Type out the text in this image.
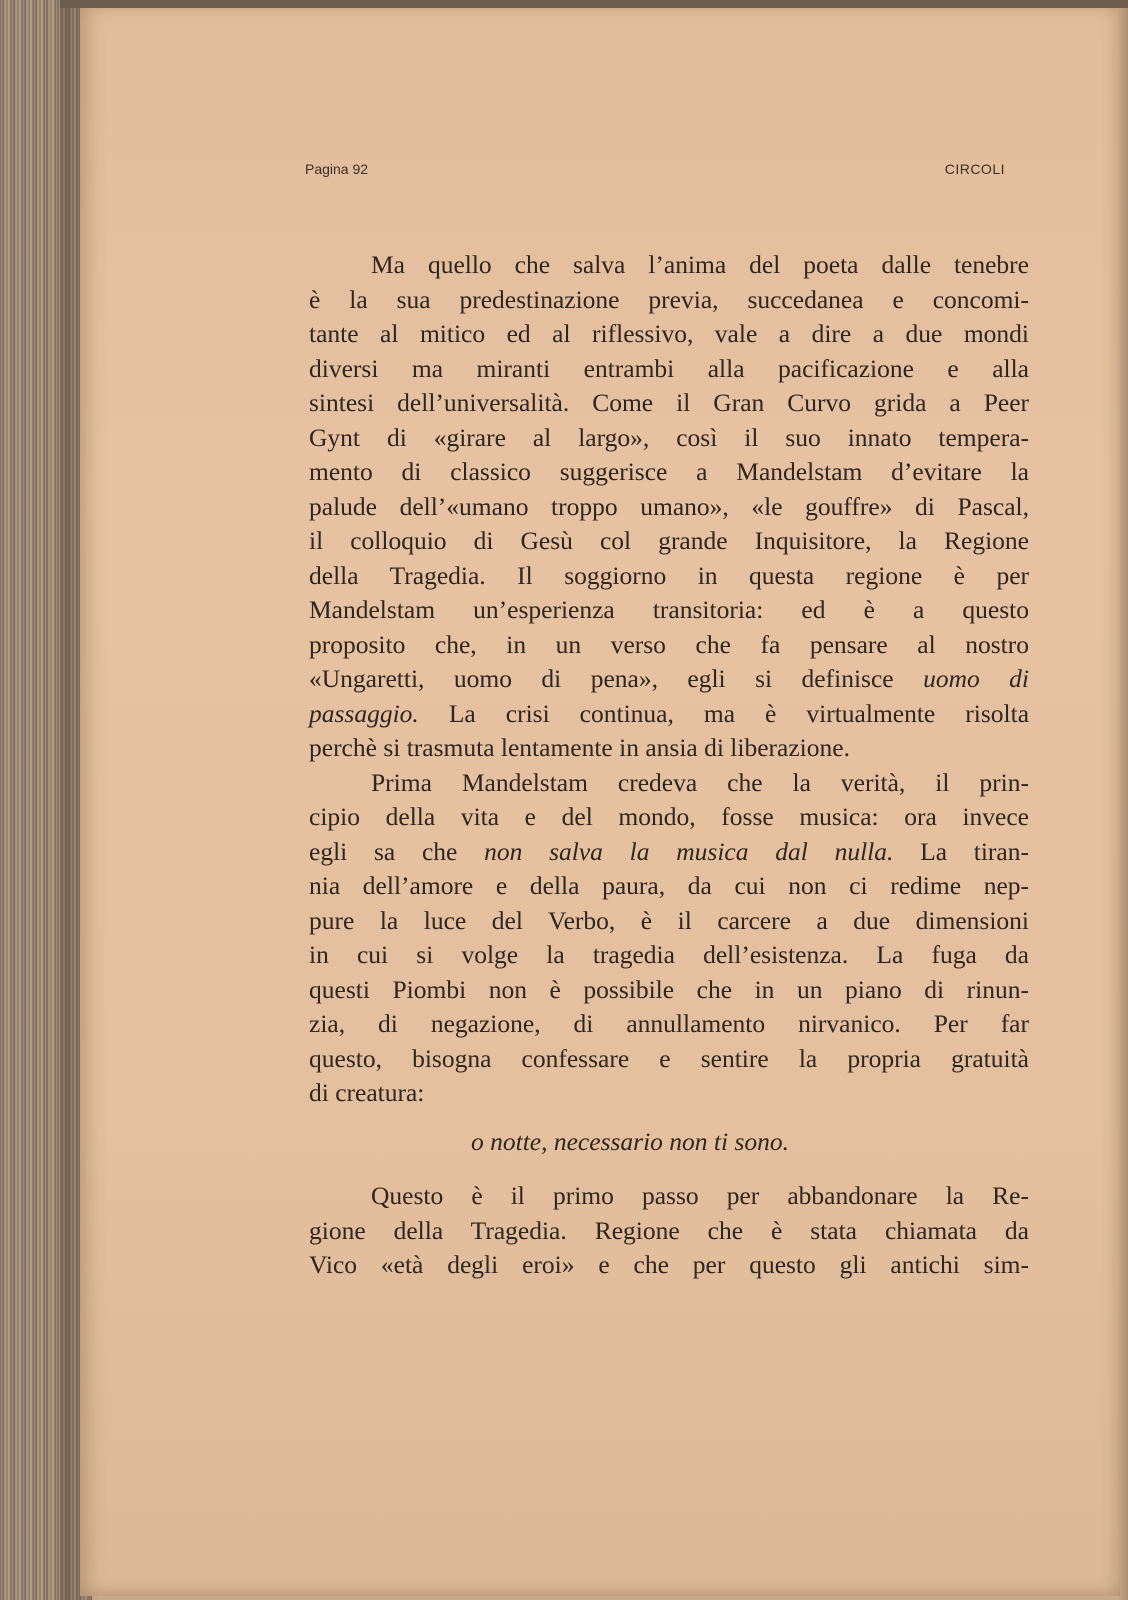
Pagina 92	CIRCOLI
Ma quello che salva l’anima del poeta dalle tenebre
è la sua predestinazione previa, succedanea e concomi-
tante al mitico ed al riflessivo, vale a dire a due mondi
diversi ma miranti entrambi alla pacificazione e alla
sintesi dell’universalità. Come il Gran Curvo grida a Peer
Gynt di «girare al largo», così il suo innato tempera-
mento di classico suggerisce a Mandelstam d’evitare la
palude dell’«umano troppo umano», «le gouffre» di Pascal,
il colloquio di Gesù col grande Inquisitore, la Regione
della Tragedia. Il soggiorno in questa regione è per
Mandelstam un’esperienza transitoria: ed è a questo
proposito che, in un verso che fa pensare al nostro
«Ungaretti, uomo di pena», egli si definisce uomo di
passaggio. La crisi continua, ma è virtualmente risolta
perchè si trasmuta lentamente in ansia di liberazione.
Prima Mandelstam credeva che la verità, il prin-
cipio della vita e del mondo, fosse musica: ora invece
egli sa che non salva la musica dal nulla. La tiran-
nia dell’amore e della paura, da cui non ci redime nep-
pure la luce del Verbo, è il carcere a due dimensioni
in cui si volge la tragedia dell’esistenza. La fuga da
questi Piombi non è possibile che in un piano di rinun-
zia, di negazione, di annullamento nirvanico. Per far
questo, bisogna confessare e sentire la propria gratuità
di creatura:
o notte, necessario non ti sono.
Questo è il primo passo per abbandonare la Re-
gione della Tragedia. Regione che è stata chiamata da
Vico «età degli eroi» e che per questo gli antichi sim-
